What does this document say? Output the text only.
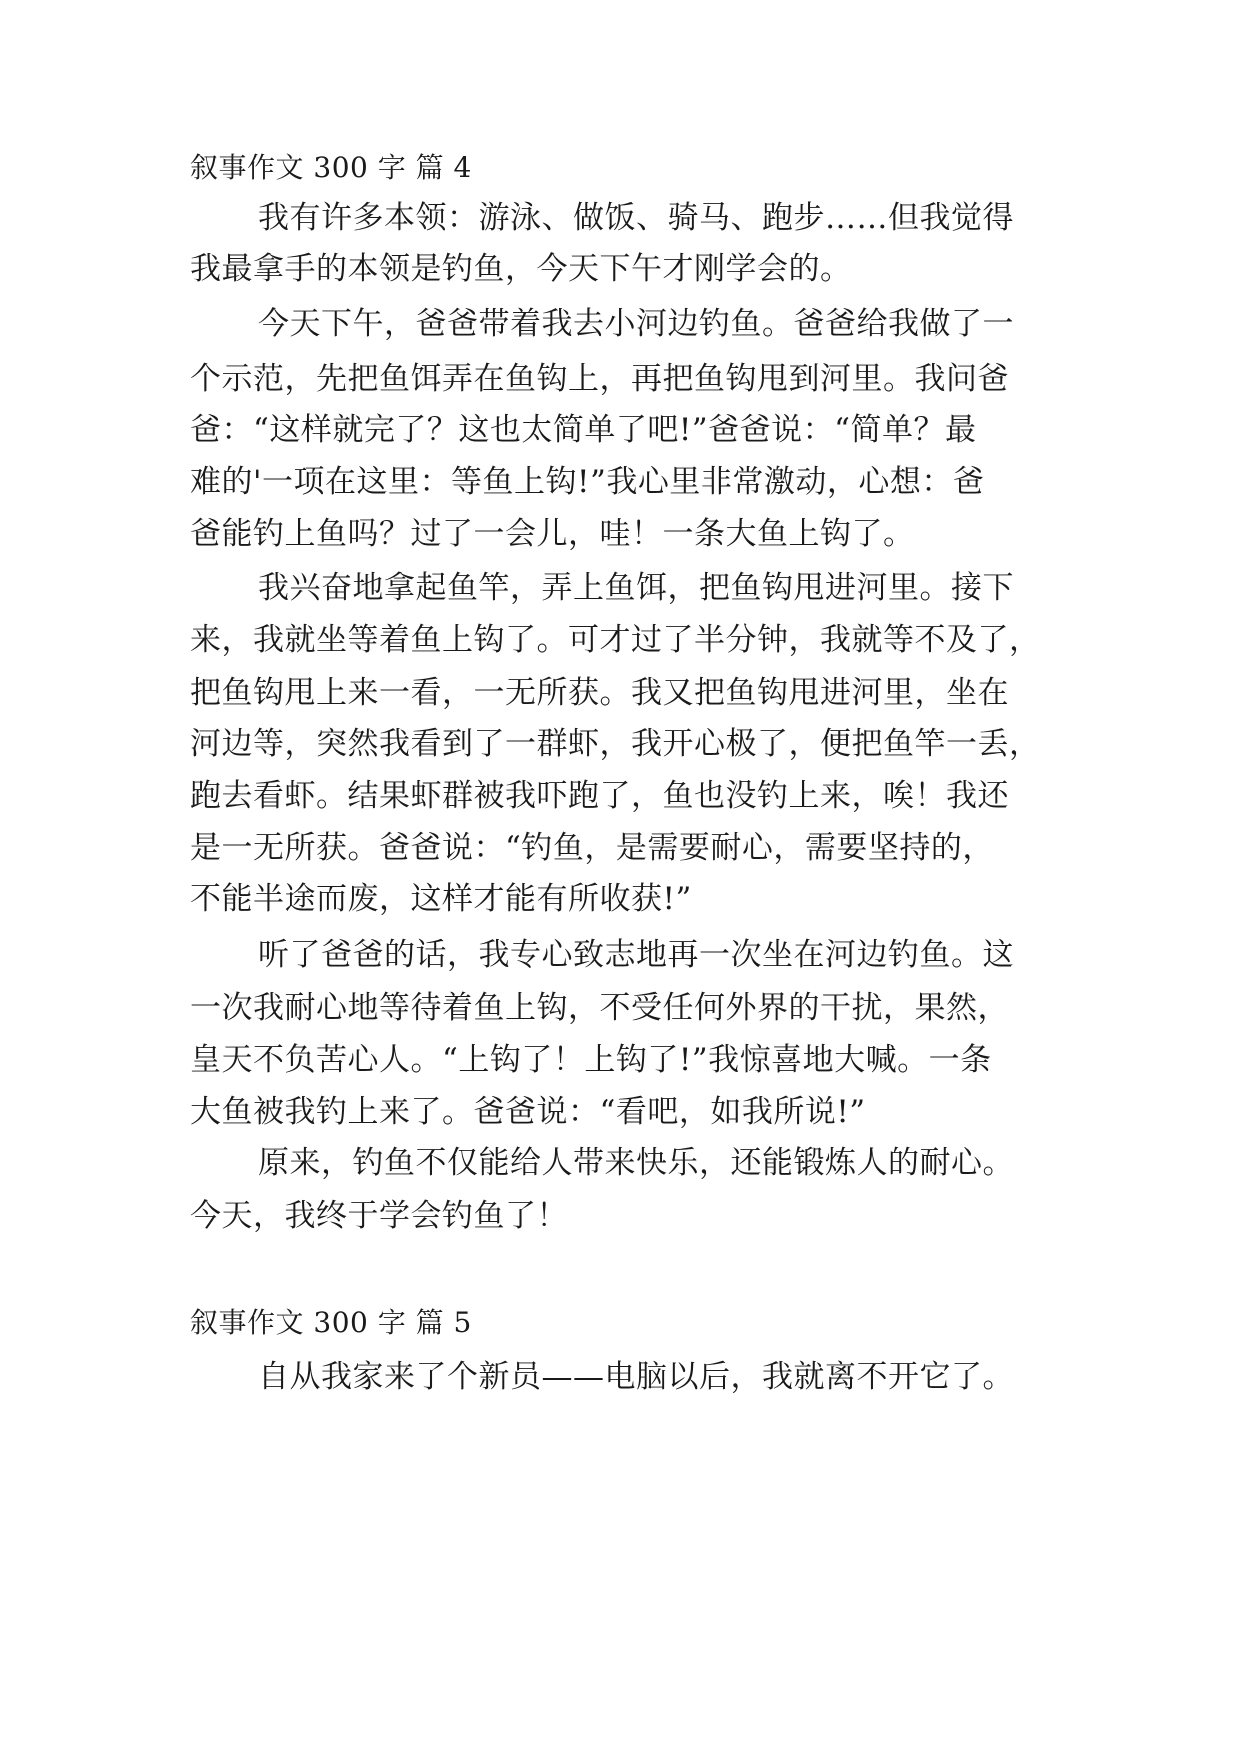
叙事作文 300 字 篇 4
我有许多本领：游泳、做饭、骑马、跑步……但我觉得
我最拿手的本领是钓鱼，今天下午才刚学会的。
今天下午，爸爸带着我去小河边钓鱼。爸爸给我做了一
个示范，先把鱼饵弄在鱼钩上，再把鱼钩甩到河里。我问爸
爸：“这样就完了？这也太简单了吧!”爸爸说：“简单？最
难的'一项在这里：等鱼上钩!”我心里非常激动，心想：爸
爸能钓上鱼吗？过了一会儿，哇！一条大鱼上钩了。
我兴奋地拿起鱼竿，弄上鱼饵，把鱼钩甩进河里。接下
来，我就坐等着鱼上钩了。可才过了半分钟，我就等不及了，
把鱼钩甩上来一看，一无所获。我又把鱼钩甩进河里，坐在
河边等，突然我看到了一群虾，我开心极了，便把鱼竿一丢，
跑去看虾。结果虾群被我吓跑了，鱼也没钓上来，唉！我还
是一无所获。爸爸说：“钓鱼，是需要耐心，需要坚持的，
不能半途而废，这样才能有所收获!”
听了爸爸的话，我专心致志地再一次坐在河边钓鱼。这
一次我耐心地等待着鱼上钩，不受任何外界的干扰，果然，
皇天不负苦心人。“上钩了！上钩了!”我惊喜地大喊。一条
大鱼被我钓上来了。爸爸说：“看吧，如我所说!”
原来，钓鱼不仅能给人带来快乐，还能锻炼人的耐心。
今天，我终于学会钓鱼了！
叙事作文 300 字 篇 5
自从我家来了个新员——电脑以后，我就离不开它了。
